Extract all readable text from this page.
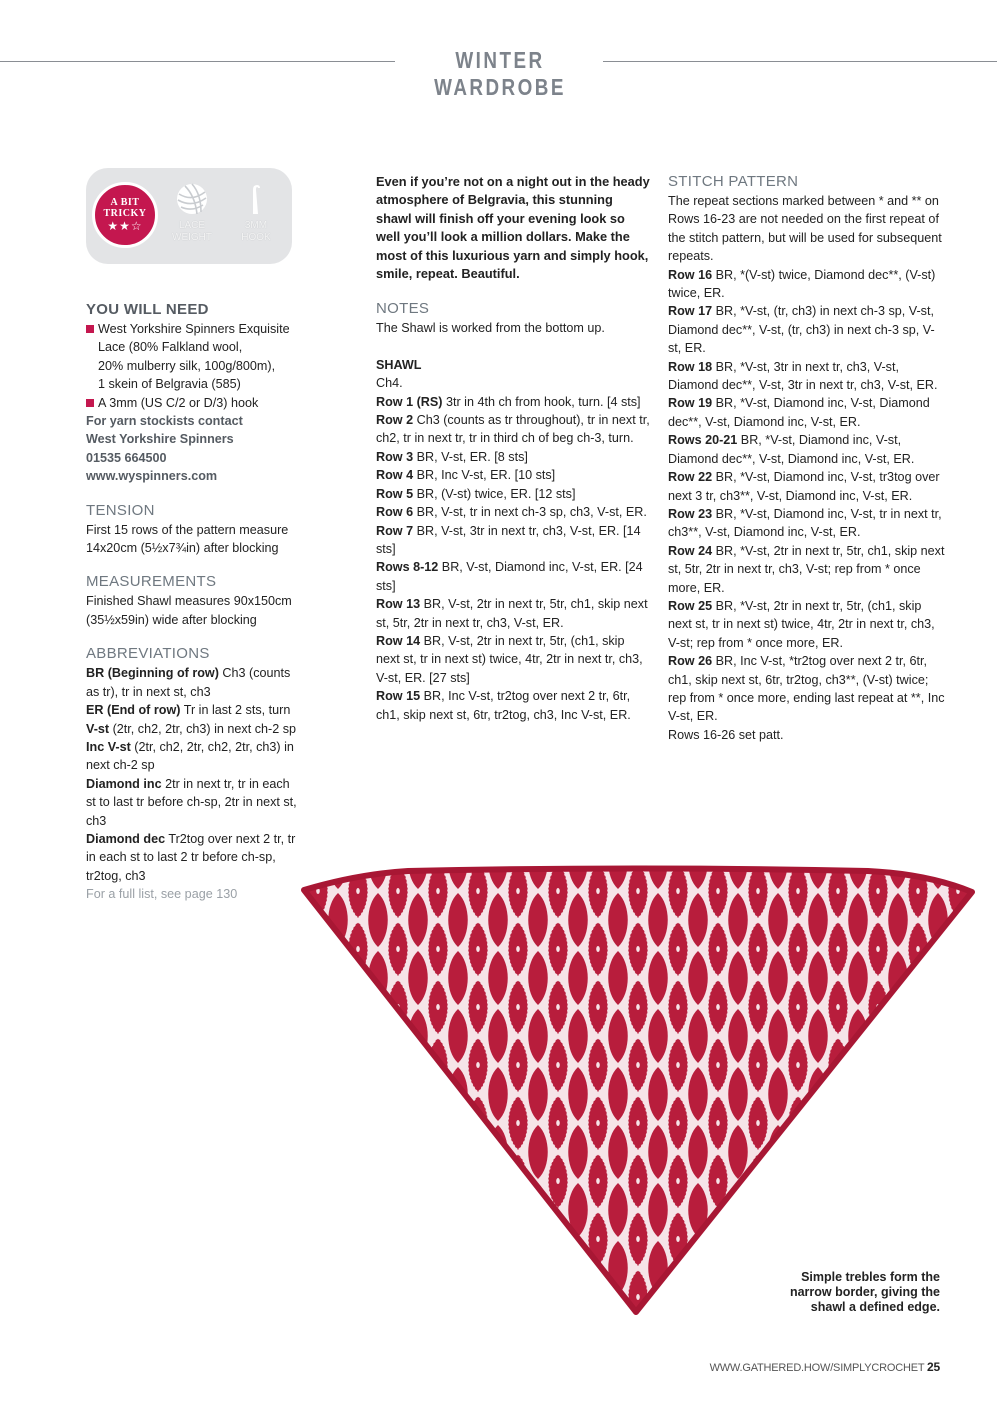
WINTER WARDROBE
A BIT
TRICKY
★★☆	LACE
WEIGHT
3MM
HOOK
YOU WILL NEED
West Yorkshire Spinners Exquisite
Lace (80% Falkland wool,
20% mulberry silk, 100g/800m),
1 skein of Belgravia (585)
A 3mm (US C/2 or D/3) hook
For yarn stockists contact
West Yorkshire Spinners
01535 664500
www.wyspinners.com
TENSION
First 15 rows of the pattern measure
14x20cm (5½x7¾in) after blocking
MEASUREMENTS
Finished Shawl measures 90x150cm
(35½x59in) wide after blocking
ABBREVIATIONS
BR (Beginning of row) Ch3 (counts as tr), tr in next st, ch3
ER (End of row) Tr in last 2 sts, turn
V-st (2tr, ch2, 2tr, ch3) in next ch-2 sp
Inc V-st (2tr, ch2, 2tr, ch2, 2tr, ch3) in next ch-2 sp
Diamond inc 2tr in next tr, tr in each st to last tr before ch-sp, 2tr in next st, ch3
Diamond dec Tr2tog over next 2 tr, tr in each st to last 2 tr before ch-sp, tr2tog, ch3
For a full list, see page 130
Even if you’re not on a night out in the heady
atmosphere of Belgravia, this stunning
shawl will finish off your evening look so
well you’ll look a million dollars. Make the
most of this luxurious yarn and simply hook,
smile, repeat. Beautiful.
NOTES
The Shawl is worked from the bottom up.
SHAWL
Ch4.
Row 1 (RS) 3tr in 4th ch from hook, turn. [4 sts]
Row 2 Ch3 (counts as tr throughout), tr in next tr, ch2, tr in next tr, tr in third ch of beg ch-3, turn.
Row 3 BR, V-st, ER. [8 sts]
Row 4 BR, Inc V-st, ER. [10 sts]
Row 5 BR, (V-st) twice, ER. [12 sts]
Row 6 BR, V-st, tr in next ch-3 sp, ch3, V-st, ER.
Row 7 BR, V-st, 3tr in next tr, ch3, V-st, ER. [14 sts]
Rows 8-12 BR, V-st, Diamond inc, V-st, ER. [24 sts]
Row 13 BR, V-st, 2tr in next tr, 5tr, ch1, skip next st, 5tr, 2tr in next tr, ch3, V-st, ER.
Row 14 BR, V-st, 2tr in next tr, 5tr, (ch1, skip next st, tr in next st) twice, 4tr, 2tr in next tr, ch3, V-st, ER. [27 sts]
Row 15 BR, Inc V-st, tr2tog over next 2 tr, 6tr, ch1, skip next st, 6tr, tr2tog, ch3, Inc V-st, ER.
STITCH PATTERN
The repeat sections marked between * and ** on Rows 16-23 are not needed on the first repeat of the stitch pattern, but will be used for subsequent repeats.
Row 16 BR, *(V-st) twice, Diamond dec**, (V-st) twice, ER.
Row 17 BR, *V-st, (tr, ch3) in next ch-3 sp, V-st, Diamond dec**, V-st, (tr, ch3) in next ch-3 sp, V-st, ER.
Row 18 BR, *V-st, 3tr in next tr, ch3, V-st, Diamond dec**, V-st, 3tr in next tr, ch3, V-st, ER.
Row 19 BR, *V-st, Diamond inc, V-st, Diamond dec**, V-st, Diamond inc, V-st, ER.
Rows 20-21 BR, *V-st, Diamond inc, V-st, Diamond dec**, V-st, Diamond inc, V-st, ER.
Row 22 BR, *V-st, Diamond inc, V-st, tr3tog over next 3 tr, ch3**, V-st, Diamond inc, V-st, ER.
Row 23 BR, *V-st, Diamond inc, V-st, tr in next tr, ch3**, V-st, Diamond inc, V-st, ER.
Row 24 BR, *V-st, 2tr in next tr, 5tr, ch1, skip next st, 5tr, 2tr in next tr, ch3, V-st; rep from * once more, ER.
Row 25 BR, *V-st, 2tr in next tr, 5tr, (ch1, skip next st, tr in next st) twice, 4tr, 2tr in next tr, ch3, V-st; rep from * once more, ER.
Row 26 BR, Inc V-st, *tr2tog over next 2 tr, 6tr, ch1, skip next st, 6tr, tr2tog, ch3**, (V-st) twice; rep from * once more, ending last repeat at **, Inc V-st, ER.
Rows 16-26 set patt.
Simple trebles form the
narrow border, giving the
shawl a defined edge.
WWW.GATHERED.HOW/SIMPLYCROCHET 25
